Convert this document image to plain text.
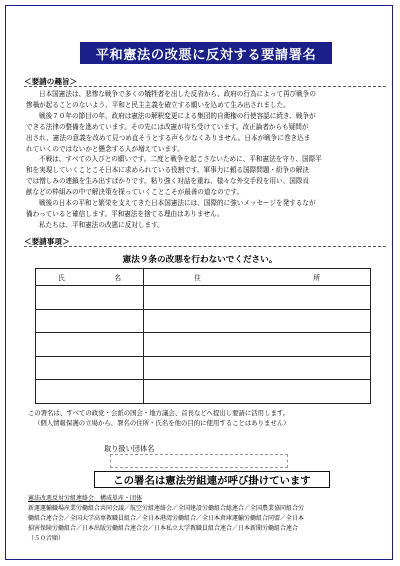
平和憲法の改悪に反対する要請署名
＜要請の趣旨＞

日本国憲法は、悲惨な戦争で多くの犠牲者を出した反省から、政府の行為によって再び戦争の

惨禍が起ることのないよう、平和と民主主義を確立する願いを込めて生み出されました。

戦後７０年の節目の年、政府は憲法の解釈変更による集団的自衛権の行使容認に続き、戦争が

できる法律の整備を進めています。その先には改憲が待ち受けています。改正論者からも疑問が

出され、憲法の意義を改めて見つめ直そうとする声も少なくありません。日本が戦争に巻き込ま

れていくのではないかと懸念する人が増えています。

不戦は、すべての人びとの願いです。二度と戦争を起こさないために、平和憲法を守り、国際平

和を実現していくことこそ日本に求められている役割です。軍事力に頼る国際問題・紛争の解決

では憎しみの連鎖を生み出すばかりです。粘り強く対話を重ね、様々な外交手段を用い、国際貢

献などの枠組みの中で解決策を探っていくことこそが最善の道なのです。

戦後の日本の平和と繁栄を支えてきた日本国憲法には、国際的に強いメッセージを発するなが

備わっていると確信します。平和憲法を捨てる理由はありません。

私たちは、平和憲法の改悪に反対します。

＜要請事項＞
憲法９条の改悪を行わないでください。
氏 名	住 所

この署名は、すべての政党・会派の国会・地方議会、首長などへ提出し要請に活用します。
（個人情報保護の立場から、署名の住所・氏名を他の目的に使用することはありません）
取り扱い団体名
この署名は憲法労組連が呼び掛けています
憲法改悪反対労組連絡会　構成単産・団体
新運運輸職場産業労働組合共同会議／航空労組連絡会／全国建設労働組合総連合／全国農業協同組合労
働組合連合会／全国大学高専教職員組合／全日本港湾労働組合／全日本倉庫運輸労働組合同盟／全日本
損害保険労働組合／日本出版労働組合連合会／日本私立大学教職員組合連合／日本新聞労働組合連合
（５０音順）
